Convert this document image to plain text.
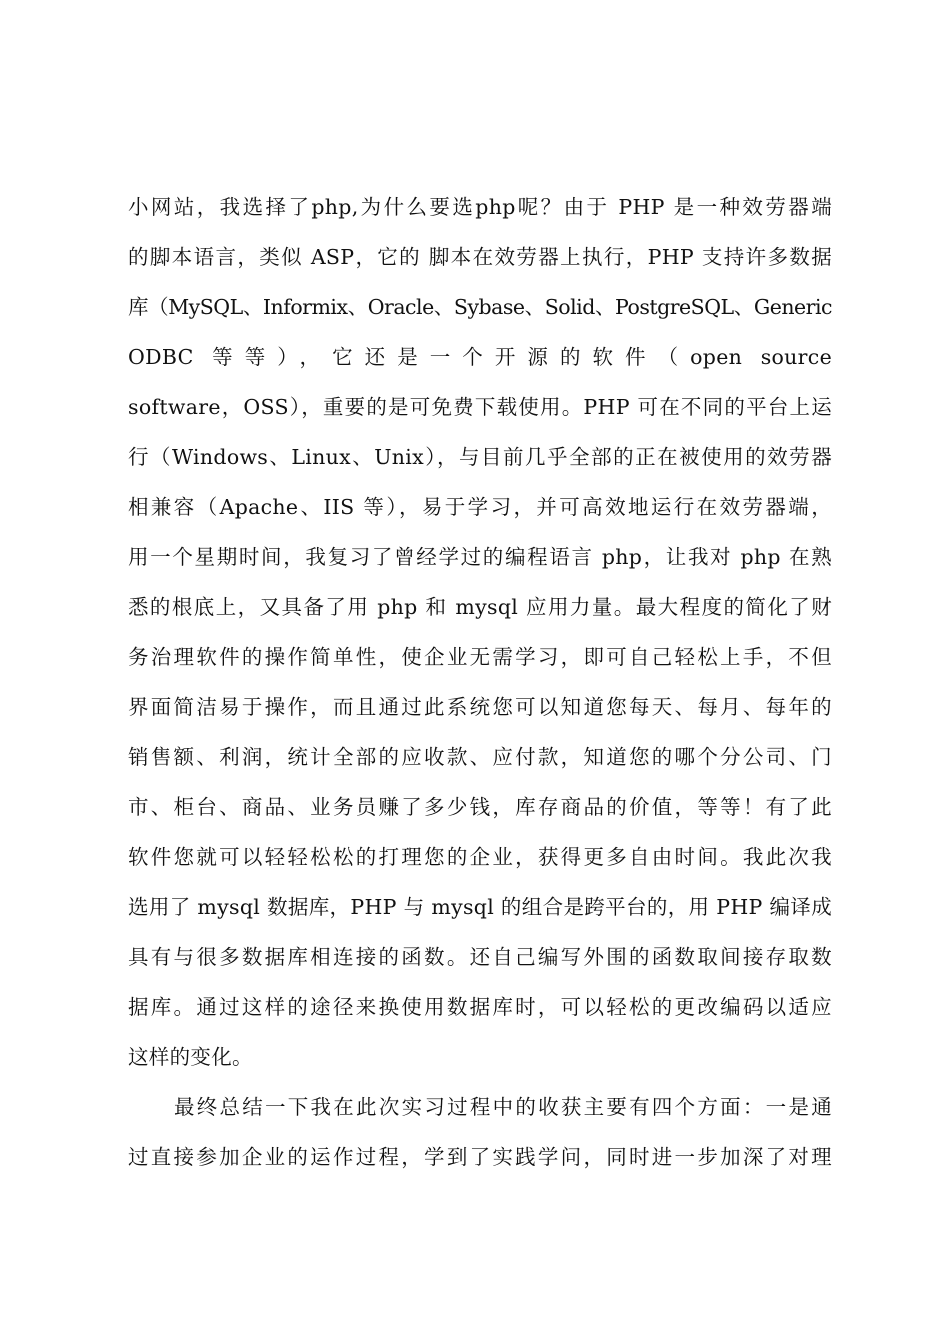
小网站，我选择了php,为什么要选php呢？由于 PHP 是一种效劳器端
的脚本语言，类似 ASP，它的 脚本在效劳器上执行，PHP 支持许多数据
库（MySQL、Informix、Oracle、Sybase、Solid、PostgreSQL、Generic
ODBC 等等），它还是一个开源的软件（open source
software，OSS），重要的是可免费下载使用。PHP 可在不同的平台上运
行（Windows、Linux、Unix），与目前几乎全部的正在被使用的效劳器
相兼容（Apache、IIS 等），易于学习，并可高效地运行在效劳器端，
用一个星期时间，我复习了曾经学过的编程语言 php，让我对 php 在熟
悉的根底上，又具备了用 php 和 mysql 应用力量。最大程度的简化了财
务治理软件的操作简单性，使企业无需学习，即可自己轻松上手，不但
界面简洁易于操作，而且通过此系统您可以知道您每天、每月、每年的
销售额、利润，统计全部的应收款、应付款，知道您的哪个分公司、门
市、柜台、商品、业务员赚了多少钱，库存商品的价值，等等！有了此
软件您就可以轻轻松松的打理您的企业，获得更多自由时间。我此次我
选用了 mysql 数据库，PHP 与 mysql 的组合是跨平台的，用 PHP 编译成
具有与很多数据库相连接的函数。还自己编写外围的函数取间接存取数
据库。通过这样的途径来换使用数据库时，可以轻松的更改编码以适应
这样的变化。
最终总结一下我在此次实习过程中的收获主要有四个方面：一是通
过直接参加企业的运作过程，学到了实践学问，同时进一步加深了对理
